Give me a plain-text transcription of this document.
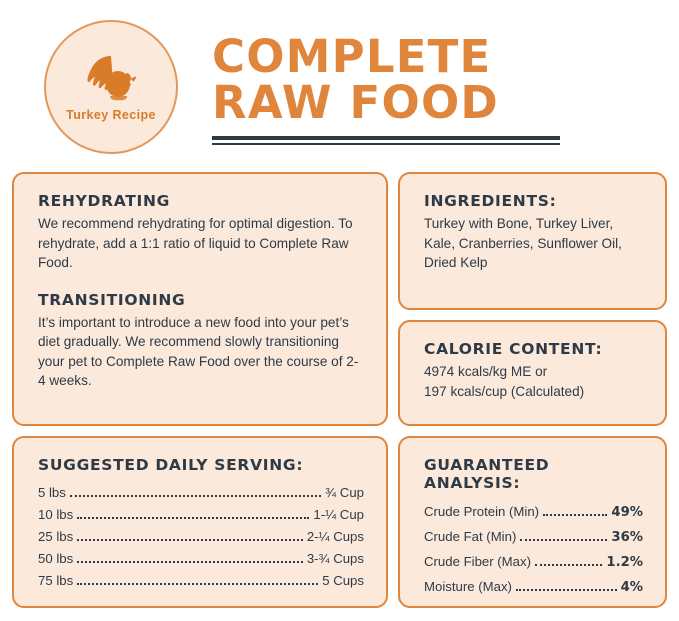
Turkey Recipe
COMPLETE
RAW FOOD

REHYDRATING

We recommend rehydrating for optimal digestion. To rehydrate, add a 1:1 ratio of liquid to Complete Raw Food.

TRANSITIONING

It’s important to introduce a new food into your pet’s diet gradually. We recommend slowly transitioning your pet to Complete Raw Food over the course of 2-4 weeks.

INGREDIENTS:

Turkey with Bone, Turkey Liver, Kale, Cranberries, Sunflower Oil, Dried Kelp

CALORIE CONTENT:

4974 kcals/kg ME or

197 kcals/cup (Calculated)

SUGGESTED DAILY SERVING:

5 lbs	¾ Cup
10 lbs	1-¼ Cup
25 lbs	2-¼ Cups
50 lbs	3-¾ Cups
75 lbs	5 Cups

GUARANTEED ANALYSIS:

Crude Protein (Min)	49%
Crude Fat (Min)	36%
Crude Fiber (Max)	1.2%
Moisture (Max)	4%
